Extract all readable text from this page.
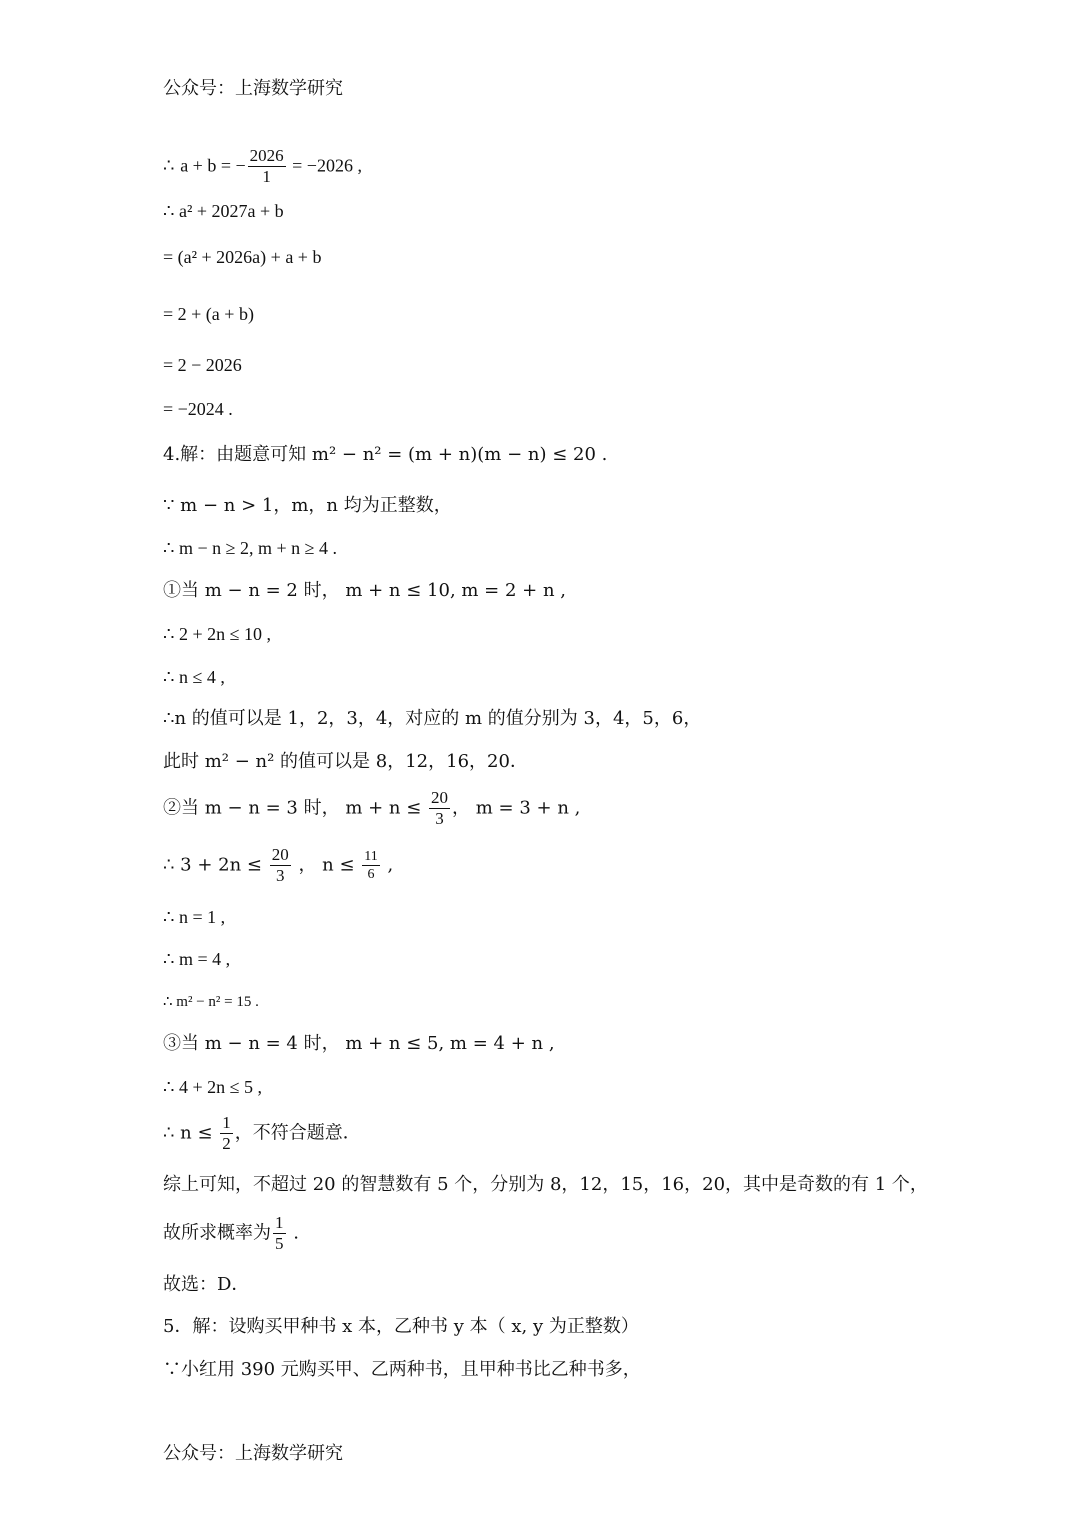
公众号：上海数学研究
∴ a + b = − $\frac{2026}{1} = -2026$ ,
∴ a² + 2027a + b
= (a² + 2026a) + a + b
= 2 + (a + b)
= 2 − 2026
= −2024 .
4.解：由题意可知 m² − n² = (m + n)(m − n) ≤ 20 .
∵ m − n > 1，m，n 均为正整数，
∴ m − n ≥ 2, m + n ≥ 4 .
①当 m − n = 2 时， m + n ≤ 10, m = 2 + n ,
∴ 2 + 2n ≤ 10 ,
∴ n ≤ 4 ,
∴n 的值可以是 1，2，3，4，对应的 m 的值分别为 3，4，5，6，
此时 m² − n² 的值可以是 8，12，16，20．
②当 m − n = 3 时， $m + n \le \frac{20}{3}$ ， m = 3 + n ,
∴ $3 + 2n \le \frac{20}{3}$ ， $n \le \frac{11}{6}$ ,
∴ n = 1 ,
∴ m = 4 ,
∴ m² − n² = 15 .
③当 m − n = 4 时， m + n ≤ 5, m = 4 + n ,
∴ 4 + 2n ≤ 5 ,
∴ $n \le \frac{1}{2}$ ，不符合题意．
综上可知，不超过 20 的智慧数有 5 个，分别为 8，12，15，16，20，其中是奇数的有 1 个，
故所求概率为 $\frac{1}{5}$ .
故选：D．
5．解：设购买甲种书 x 本，乙种书 y 本（ x, y 为正整数）
∵小红用 390 元购买甲、乙两种书，且甲种书比乙种书多，
公众号：上海数学研究
